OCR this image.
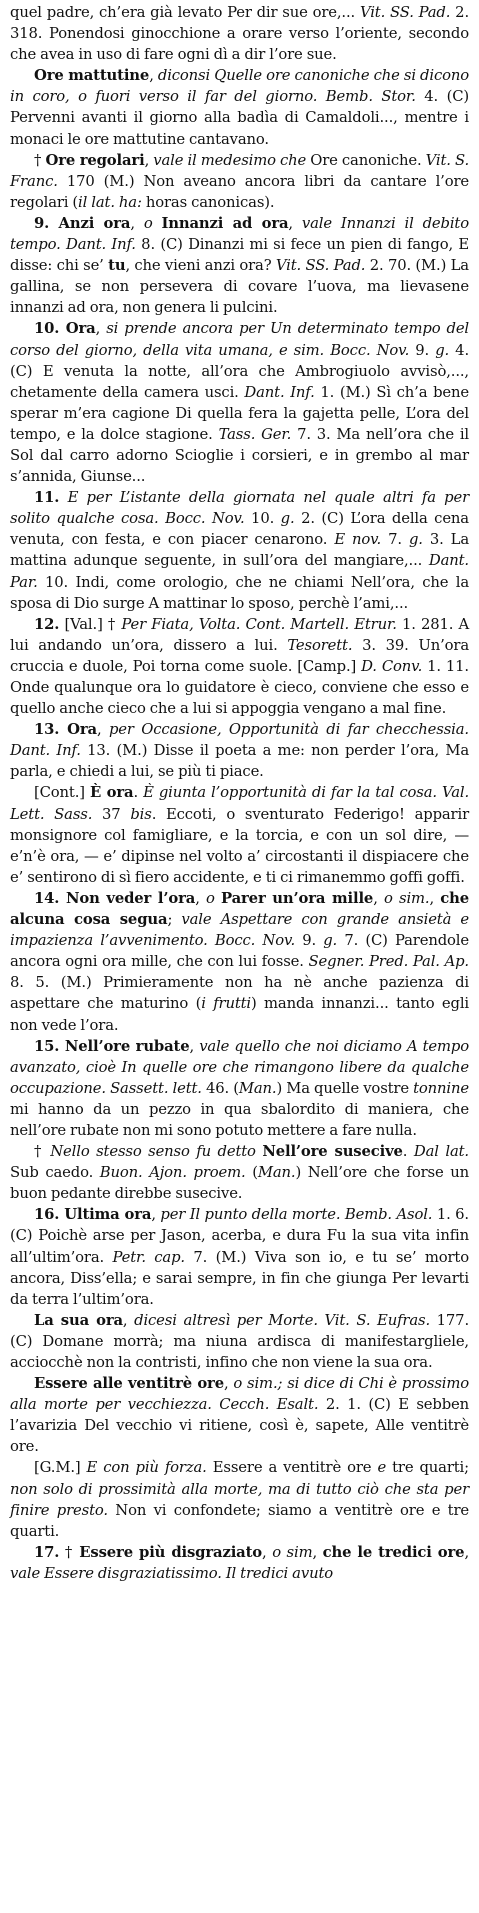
quel padre, ch’era già levato Per dir sue ore,... Vit. SS. Pad. 2. 318. Ponendosi ginocchione a orare verso l’oriente, secondo che avea in uso di fare ogni dì a dir l’ore sue.

Ore mattutine, diconsi Quelle ore canoniche che si dicono in coro, o fuori verso il far del giorno. Bemb. Stor. 4. (C) Pervenni avanti il giorno alla badìa di Camaldoli..., mentre i monaci le ore mattutine cantavano.

† Ore regolari, vale il medesimo che Ore canoniche. Vit. S. Franc. 170 (M.) Non aveano ancora libri da cantare l’ore regolari (il lat. ha: horas canonicas).

9. Anzi ora, o Innanzi ad ora, vale Innanzi il debito tempo. Dant. Inf. 8. (C) Dinanzi mi si fece un pien di fango, E disse: chi se’ tu, che vieni anzi ora? Vit. SS. Pad. 2. 70. (M.) La gallina, se non persevera di covare l’uova, ma lievasene innanzi ad ora, non genera li pulcini.

10. Ora, si prende ancora per Un determinato tempo del corso del giorno, della vita umana, e sim. Bocc. Nov. 9. g. 4. (C) E venuta la notte, all’ora che Ambrogiuolo avvisò,..., chetamente della camera usci. Dant. Inf. 1. (M.) Sì ch’a bene sperar m’era cagione Di quella fera la gajetta pelle, L’ora del tempo, e la dolce stagione. Tass. Ger. 7. 3. Ma nell’ora che il Sol dal carro adorno Scioglie i corsieri, e in grembo al mar s’annida, Giunse...

11. E per L’istante della giornata nel quale altri fa per solito qualche cosa. Bocc. Nov. 10. g. 2. (C) L’ora della cena venuta, con festa, e con piacer cenarono. E nov. 7. g. 3. La mattina adunque seguente, in sull’ora del mangiare,... Dant. Par. 10. Indi, come orologio, che ne chiami Nell’ora, che la sposa di Dio surge A mattinar lo sposo, perchè l’ami,...

12. [Val.] † Per Fiata, Volta. Cont. Martell. Etrur. 1. 281. A lui andando un’ora, dissero a lui. Tesorett. 3. 39. Un’ora cruccia e duole, Poi torna come suole. [Camp.] D. Conv. 1. 11. Onde qualunque ora lo guidatore è cieco, conviene che esso e quello anche cieco che a lui si appoggia vengano a mal fine.

13. Ora, per Occasione, Opportunità di far checchessia. Dant. Inf. 13. (M.) Disse il poeta a me: non perder l’ora, Ma parla, e chiedi a lui, se più ti piace.

[Cont.] È ora. È giunta l’opportunità di far la tal cosa. Val. Lett. Sass. 37 bis. Eccoti, o sventurato Federigo! apparir monsignore col famigliare, e la torcia, e con un sol dire, — e’n’è ora, — e’ dipinse nel volto a’ circostanti il dispiacere che e’ sentirono di sì fiero accidente, e ti ci rimanemmo goffi goffi.

14. Non veder l’ora, o Parer un’ora mille, o sim., che alcuna cosa segua; vale Aspettare con grande ansietà e impazienza l’avvenimento. Bocc. Nov. 9. g. 7. (C) Parendole ancora ogni ora mille, che con lui fosse. Segner. Pred. Pal. Ap. 8. 5. (M.) Primieramente non ha nè anche pazienza di aspettare che maturino (i frutti) manda innanzi... tanto egli non vede l’ora.

15. Nell’ore rubate, vale quello che noi diciamo A tempo avanzato, cioè In quelle ore che rimangono libere da qualche occupazione. Sassett. lett. 46. (Man.) Ma quelle vostre tonnine mi hanno da un pezzo in qua sbalordito di maniera, che nell’ore rubate non mi sono potuto mettere a fare nulla.

† Nello stesso senso fu detto Nell’ore susecive. Dal lat. Sub caedo. Buon. Ajon. proem. (Man.) Nell’ore che forse un buon pedante direbbe susecive.

16. Ultima ora, per Il punto della morte. Bemb. Asol. 1. 6. (C) Poichè arse per Jason, acerba, e dura Fu la sua vita infin all’ultim’ora. Petr. cap. 7. (M.) Viva son io, e tu se’ morto ancora, Diss’ella; e sarai sempre, in fin che giunga Per levarti da terra l’ultim’ora.

La sua ora, dicesi altresì per Morte. Vit. S. Eufras. 177. (C) Domane morrà; ma niuna ardisca di manifestargliele, acciocchè non la contristi, infino che non viene la sua ora.

Essere alle ventitrè ore, o sim.; si dice di Chi è prossimo alla morte per vecchiezza. Cecch. Esalt. 2. 1. (C) E sebben l’avarizia Del vecchio vi ritiene, così è, sapete, Alle ventitrè ore.

[G.M.] E con più forza. Essere a ventitrè ore e tre quarti; non solo di prossimità alla morte, ma di tutto ciò che sta per finire presto. Non vi confondete; siamo a ventitrè ore e tre quarti.

17. † Essere più disgraziato, o sim, che le tredici ore, vale Essere disgraziatissimo. Il tredici avuto
